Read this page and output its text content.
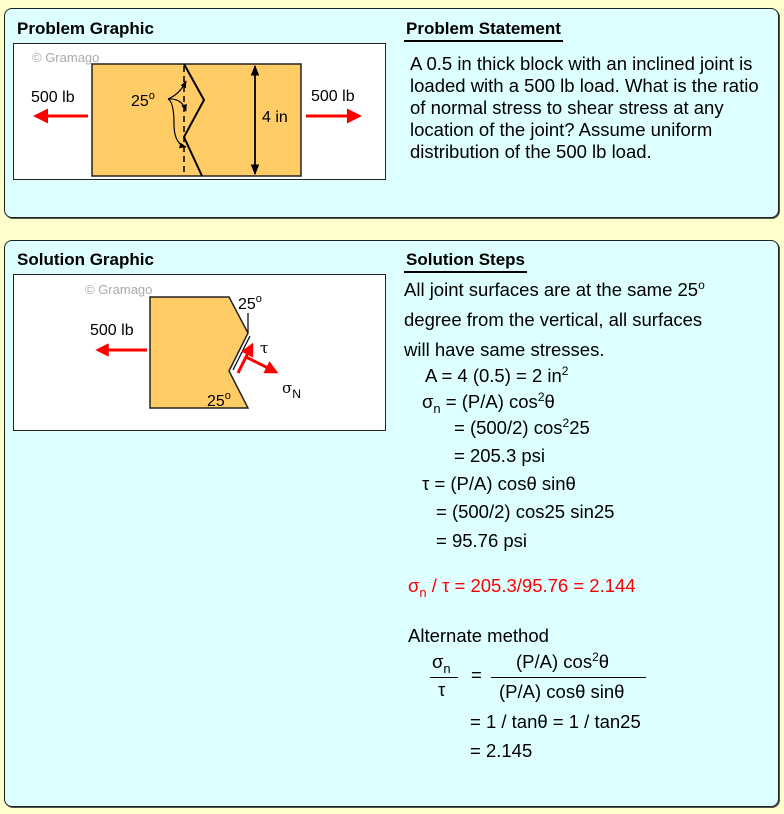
Problem Graphic
© Gramago
500 lb	500 lb
25$^o$
4 in
Problem Statement
A 0.5 in thick block with an inclined joint is loaded with a 500 lb load. What is the ratio of normal stress to shear stress at any location of the joint? Assume uniform distribution of the 500 lb load.
Solution Graphic
© Gramago
500 lb
25$^o$
25$^o$
τ
$\sigma_N$
Solution Steps
All joint surfaces are at the same 25$^o$
degree from the vertical, all surfaces
will have same stresses.
A = 4 (0.5) = 2 $in^2$
$\sigma_n = (P/A)$ $\cos^2\theta$
= (500/2) $\cos^225$
= 205.3 psi
τ = (P/A) cosθ sinθ
= (500/2) cos25 sin25
= 95.76 psi
$\sigma_n / \tau = 205.3/95.76 = 2.144$
Alternate method
$\sigma_n$
τ
=
(P/A) $\cos^2\theta$
(P/A) cosθ sinθ
= 1 / tanθ = 1 / tan25
= 2.145
